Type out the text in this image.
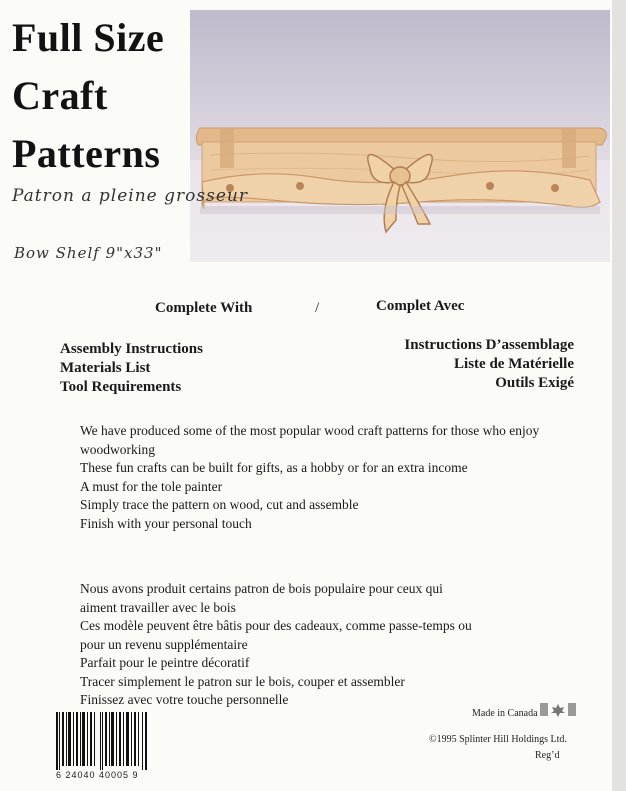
Full Size
Craft
Patterns
Patron a pleine grosseur
Bow Shelf 9"x33"
Complete With	/	Complet Avec
Assembly Instructions
Materials List
Tool Requirements
Instructions D’assemblage
Liste de Matérielle
Outils Exigé
We have produced some of the most popular wood craft patterns for those who enjoy
woodworking
These fun crafts can be built for gifts, as a hobby or for an extra income
A must for the tole painter
Simply trace the pattern on wood, cut and assemble
Finish with your personal touch
Nous avons produit certains patron de bois populaire pour ceux qui
aiment travailler avec le bois
Ces modèle peuvent être bâtis pour des cadeaux, comme passe-temps ou
pour un revenu supplémentaire
Parfait pour le peintre décoratif
Tracer simplement le patron sur le bois, couper et assembler
Finissez avec votre touche personnelle
6 24040 40005 9
Made in Canada
©1995 Splinter Hill Holdings Ltd.
Reg’d
